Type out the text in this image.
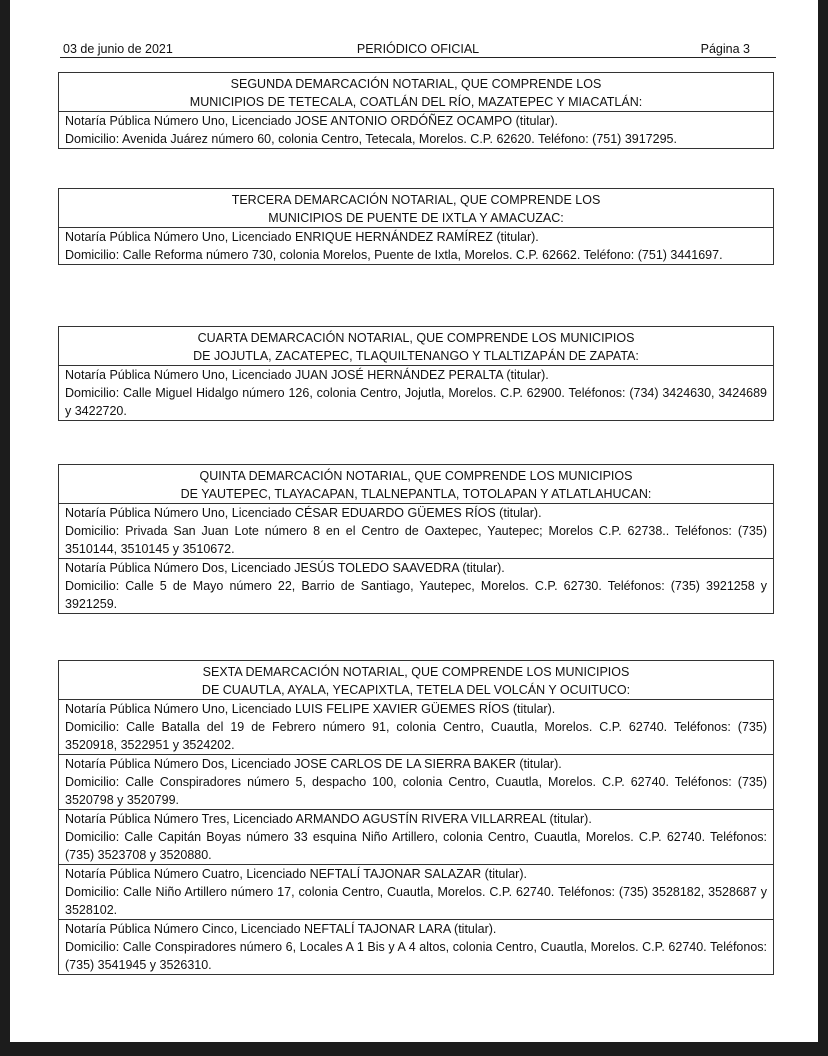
03 de junio de 2021	PERIÓDICO OFICIAL	Página 3
SEGUNDA DEMARCACIÓN NOTARIAL, QUE COMPRENDE LOS
MUNICIPIOS DE TETECALA, COATLÁN DEL RÍO, MAZATEPEC Y MIACATLÁN:
Notaría Pública Número Uno, Licenciado JOSE ANTONIO ORDÓÑEZ OCAMPO (titular).
Domicilio: Avenida Juárez número 60, colonia Centro, Tetecala, Morelos. C.P. 62620. Teléfono: (751) 3917295.
TERCERA DEMARCACIÓN NOTARIAL, QUE COMPRENDE LOS
MUNICIPIOS DE PUENTE DE IXTLA Y AMACUZAC:
Notaría Pública Número Uno, Licenciado ENRIQUE HERNÁNDEZ RAMÍREZ (titular).
Domicilio: Calle Reforma número 730, colonia Morelos, Puente de Ixtla, Morelos. C.P. 62662. Teléfono: (751) 3441697.
CUARTA DEMARCACIÓN NOTARIAL, QUE COMPRENDE LOS MUNICIPIOS
DE JOJUTLA, ZACATEPEC, TLAQUILTENANGO Y TLALTIZAPÁN DE ZAPATA:
Notaría Pública Número Uno, Licenciado JUAN JOSÉ HERNÁNDEZ PERALTA (titular).
Domicilio: Calle Miguel Hidalgo número 126, colonia Centro, Jojutla, Morelos. C.P. 62900. Teléfonos: (734) 3424630, 3424689 y 3422720.
QUINTA DEMARCACIÓN NOTARIAL, QUE COMPRENDE LOS MUNICIPIOS
DE YAUTEPEC, TLAYACAPAN, TLALNEPANTLA, TOTOLAPAN Y ATLATLAHUCAN:
Notaría Pública Número Uno, Licenciado CÉSAR EDUARDO GÜEMES RÍOS (titular).
Domicilio: Privada San Juan Lote número 8 en el Centro de Oaxtepec, Yautepec; Morelos C.P. 62738.. Teléfonos: (735) 3510144, 3510145 y 3510672.
Notaría Pública Número Dos, Licenciado JESÚS TOLEDO SAAVEDRA (titular).
Domicilio: Calle 5 de Mayo número 22, Barrio de Santiago, Yautepec, Morelos. C.P. 62730. Teléfonos: (735) 3921258 y 3921259.
SEXTA DEMARCACIÓN NOTARIAL, QUE COMPRENDE LOS MUNICIPIOS
DE CUAUTLA, AYALA, YECAPIXTLA, TETELA DEL VOLCÁN Y OCUITUCO:
Notaría Pública Número Uno, Licenciado LUIS FELIPE XAVIER GÜEMES RÍOS (titular).
Domicilio: Calle Batalla del 19 de Febrero número 91, colonia Centro, Cuautla, Morelos. C.P. 62740. Teléfonos: (735) 3520918, 3522951 y 3524202.
Notaría Pública Número Dos, Licenciado JOSE CARLOS DE LA SIERRA BAKER (titular).
Domicilio: Calle Conspiradores número 5, despacho 100, colonia Centro, Cuautla, Morelos. C.P. 62740. Teléfonos: (735) 3520798 y 3520799.
Notaría Pública Número Tres, Licenciado ARMANDO AGUSTÍN RIVERA VILLARREAL (titular).
Domicilio: Calle Capitán Boyas número 33 esquina Niño Artillero, colonia Centro, Cuautla, Morelos. C.P. 62740. Teléfonos: (735) 3523708 y 3520880.
Notaría Pública Número Cuatro, Licenciado NEFTALÍ TAJONAR SALAZAR (titular).
Domicilio: Calle Niño Artillero número 17, colonia Centro, Cuautla, Morelos. C.P. 62740. Teléfonos: (735) 3528182, 3528687 y 3528102.
Notaría Pública Número Cinco, Licenciado NEFTALÍ TAJONAR LARA (titular).
Domicilio: Calle Conspiradores número 6, Locales A 1 Bis y A 4 altos, colonia Centro, Cuautla, Morelos. C.P. 62740. Teléfonos: (735) 3541945 y 3526310.
